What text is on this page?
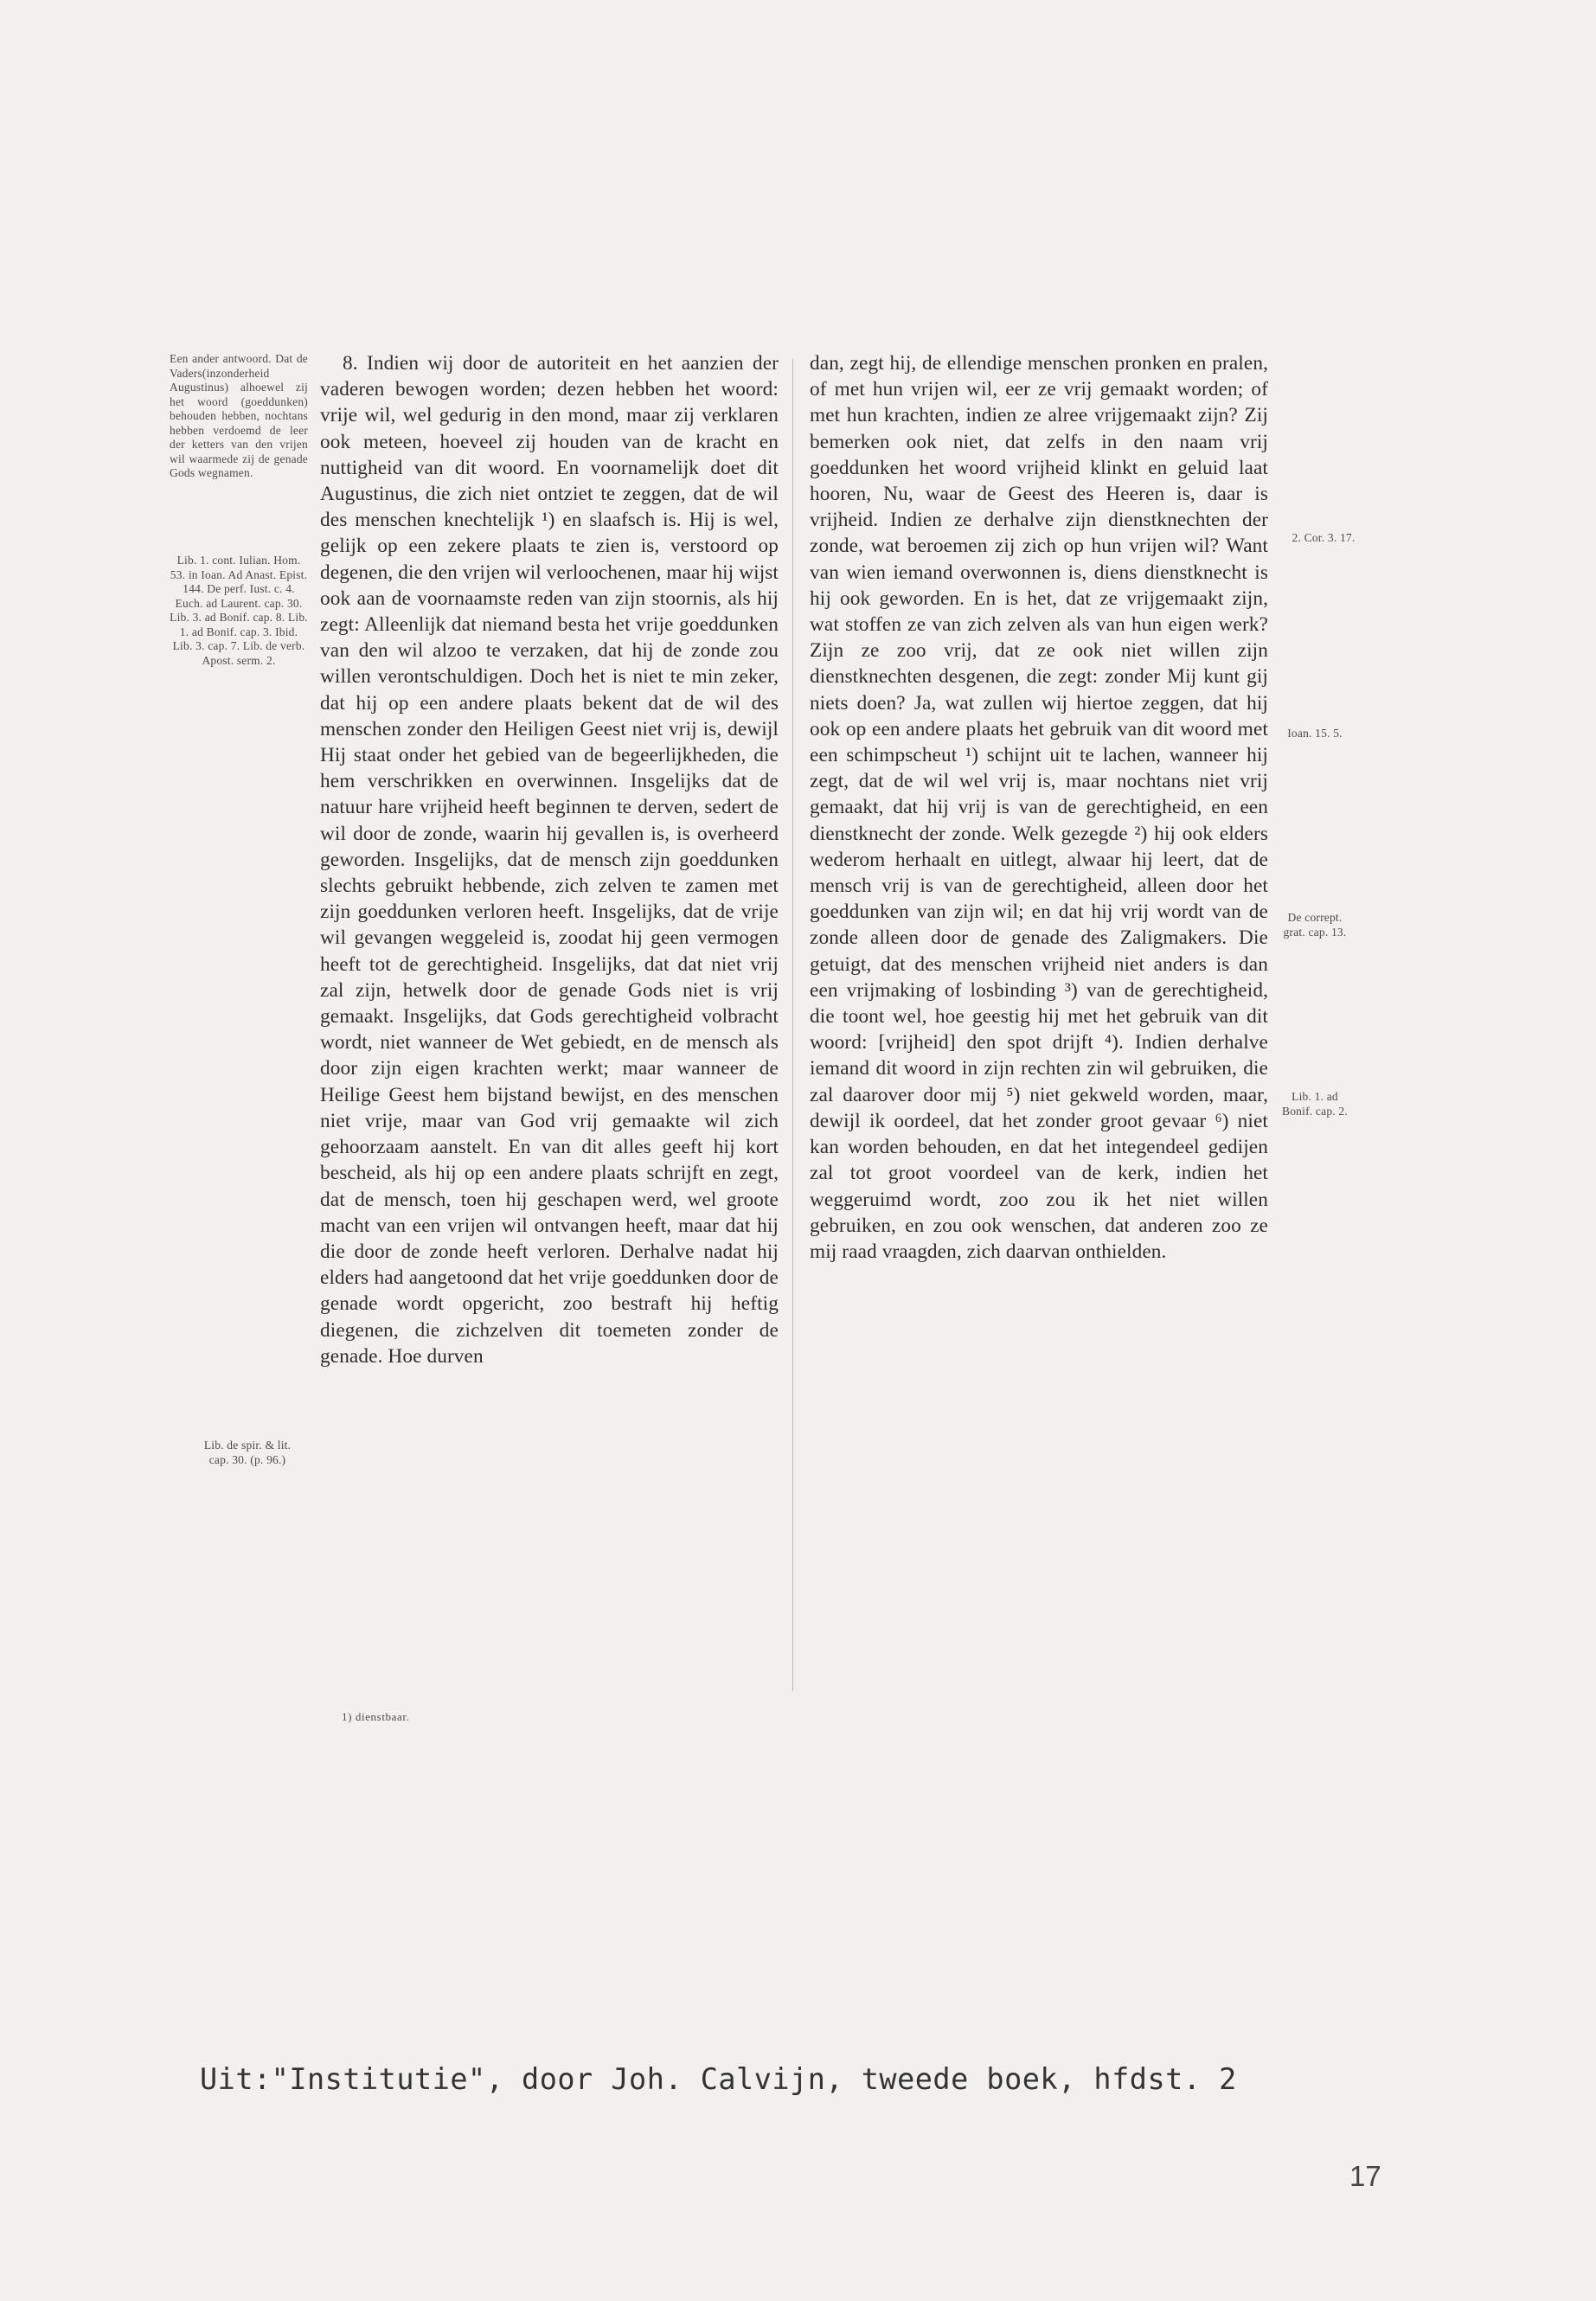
Een ander antwoord. Dat de Vaders(inzonderheid Augustinus) alhoewel zij het woord (goeddunken) behouden hebben, nochtans hebben verdoemd de leer der ketters van den vrijen wil waarmede zij de genade Gods wegnamen.
Lib. 1. cont. Iulian. Hom. 53. in Ioan. Ad Anast. Epist. 144. De perf. Iust. c. 4. Euch. ad Laurent. cap. 30. Lib. 3. ad Bonif. cap. 8. Lib. 1. ad Bonif. cap. 3. Ibid. Lib. 3. cap. 7. Lib. de verb. Apost. serm. 2.
Lib. de spir. & lit. cap. 30. (p. 96.)

8. Indien wij door de autoriteit en het aanzien der vaderen bewogen worden; dezen hebben het woord: vrije wil, wel gedurig in den mond, maar zij verklaren ook meteen, hoeveel zij houden van de kracht en nuttigheid van dit woord. En voornamelijk doet dit Augustinus, die zich niet ontziet te zeggen, dat de wil des menschen knechtelijk ¹) en slaafsch is. Hij is wel, gelijk op een zekere plaats te zien is, verstoord op degenen, die den vrijen wil verloochenen, maar hij wijst ook aan de voornaamste reden van zijn stoornis, als hij zegt: Alleenlijk dat niemand besta het vrije goeddunken van den wil alzoo te verzaken, dat hij de zonde zou willen verontschuldigen. Doch het is niet te min zeker, dat hij op een andere plaats bekent dat de wil des menschen zonder den Heiligen Geest niet vrij is, dewijl Hij staat onder het gebied van de begeerlijkheden, die hem verschrikken en overwinnen. Insgelijks dat de natuur hare vrijheid heeft beginnen te derven, sedert de wil door de zonde, waarin hij gevallen is, is overheerd geworden. Insgelijks, dat de mensch zijn goeddunken slechts gebruikt hebbende, zich zelven te zamen met zijn goeddunken verloren heeft. Insgelijks, dat de vrije wil gevangen weggeleid is, zoodat hij geen vermogen heeft tot de gerechtigheid. Insgelijks, dat dat niet vrij zal zijn, hetwelk door de genade Gods niet is vrij gemaakt. Insgelijks, dat Gods gerechtigheid volbracht wordt, niet wanneer de Wet gebiedt, en de mensch als door zijn eigen krachten werkt; maar wanneer de Heilige Geest hem bijstand bewijst, en des menschen niet vrije, maar van God vrij gemaakte wil zich gehoorzaam aanstelt. En van dit alles geeft hij kort bescheid, als hij op een andere plaats schrijft en zegt, dat de mensch, toen hij geschapen werd, wel groote macht van een vrijen wil ontvangen heeft, maar dat hij die door de zonde heeft verloren. Derhalve nadat hij elders had aangetoond dat het vrije goeddunken door de genade wordt opgericht, zoo bestraft hij heftig diegenen, die zichzelven dit toemeten zonder de genade. Hoe durven

dan, zegt hij, de ellendige menschen pronken en pralen, of met hun vrijen wil, eer ze vrij gemaakt worden; of met hun krachten, indien ze alree vrijgemaakt zijn? Zij bemerken ook niet, dat zelfs in den naam vrij goeddunken het woord vrijheid klinkt en geluid laat hooren, Nu, waar de Geest des Heeren is, daar is vrijheid. Indien ze derhalve zijn dienstknechten der zonde, wat beroemen zij zich op hun vrijen wil? Want van wien iemand overwonnen is, diens dienstknecht is hij ook geworden. En is het, dat ze vrijgemaakt zijn, wat stoffen ze van zich zelven als van hun eigen werk? Zijn ze zoo vrij, dat ze ook niet willen zijn dienstknechten desgenen, die zegt: zonder Mij kunt gij niets doen? Ja, wat zullen wij hiertoe zeggen, dat hij ook op een andere plaats het gebruik van dit woord met een schimpscheut ¹) schijnt uit te lachen, wanneer hij zegt, dat de wil wel vrij is, maar nochtans niet vrij gemaakt, dat hij vrij is van de gerechtigheid, en een dienstknecht der zonde. Welk gezegde ²) hij ook elders wederom herhaalt en uitlegt, alwaar hij leert, dat de mensch vrij is van de gerechtigheid, alleen door het goeddunken van zijn wil; en dat hij vrij wordt van de zonde alleen door de genade des Zaligmakers. Die getuigt, dat des menschen vrijheid niet anders is dan een vrijmaking of losbinding ³) van de gerechtigheid, die toont wel, hoe geestig hij met het gebruik van dit woord: [vrijheid] den spot drijft ⁴). Indien derhalve iemand dit woord in zijn rechten zin wil gebruiken, die zal daarover door mij ⁵) niet gekweld worden, maar, dewijl ik oordeel, dat het zonder groot gevaar ⁶) niet kan worden behouden, en dat het integendeel gedijen zal tot groot voordeel van de kerk, indien het weggeruimd wordt, zoo zou ik het niet willen gebruiken, en zou ook wenschen, dat anderen zoo ze mij raad vraagden, zich daarvan onthielden.

2. Cor. 3. 17.
Ioan. 15. 5.
De corrept. grat. cap. 13.
Lib. 1. ad Bonif. cap. 2.
1) dienstbaar.
Uit:"Institutie", door Joh. Calvijn, tweede boek, hfdst. 2
17
